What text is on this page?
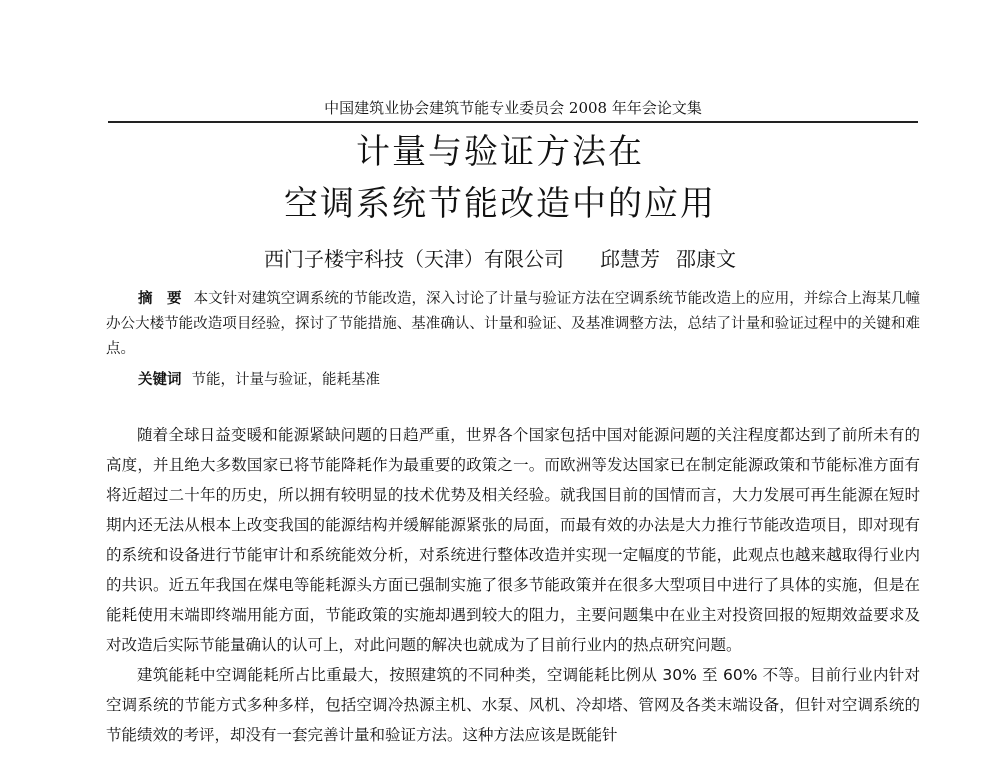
中国建筑业协会建筑节能专业委员会 2008 年年会论文集
计量与验证方法在
空调系统节能改造中的应用
西门子楼宇科技（天津）有限公司 邱慧芳 邵康文
摘　要 本文针对建筑空调系统的节能改造，深入讨论了计量与验证方法在空调系统节能改造上的应用，并综合上海某几幢办公大楼节能改造项目经验，探讨了节能措施、基准确认、计量和验证、及基准调整方法，总结了计量和验证过程中的关键和难点。
关键词 节能，计量与验证，能耗基准

随着全球日益变暖和能源紧缺问题的日趋严重，世界各个国家包括中国对能源问题的关注程度都达到了前所未有的高度，并且绝大多数国家已将节能降耗作为最重要的政策之一。而欧洲等发达国家已在制定能源政策和节能标准方面有将近超过二十年的历史，所以拥有较明显的技术优势及相关经验。就我国目前的国情而言，大力发展可再生能源在短时期内还无法从根本上改变我国的能源结构并缓解能源紧张的局面，而最有效的办法是大力推行节能改造项目，即对现有的系统和设备进行节能审计和系统能效分析，对系统进行整体改造并实现一定幅度的节能，此观点也越来越取得行业内的共识。近五年我国在煤电等能耗源头方面已强制实施了很多节能政策并在很多大型项目中进行了具体的实施，但是在能耗使用末端即终端用能方面，节能政策的实施却遇到较大的阻力，主要问题集中在业主对投资回报的短期效益要求及对改造后实际节能量确认的认可上，对此问题的解决也就成为了目前行业内的热点研究问题。

建筑能耗中空调能耗所占比重最大，按照建筑的不同种类，空调能耗比例从 30% 至 60% 不等。目前行业内针对空调系统的节能方式多种多样，包括空调冷热源主机、水泵、风机、冷却塔、管网及各类末端设备，但针对空调系统的节能绩效的考评，却没有一套完善计量和验证方法。这种方法应该是既能针
